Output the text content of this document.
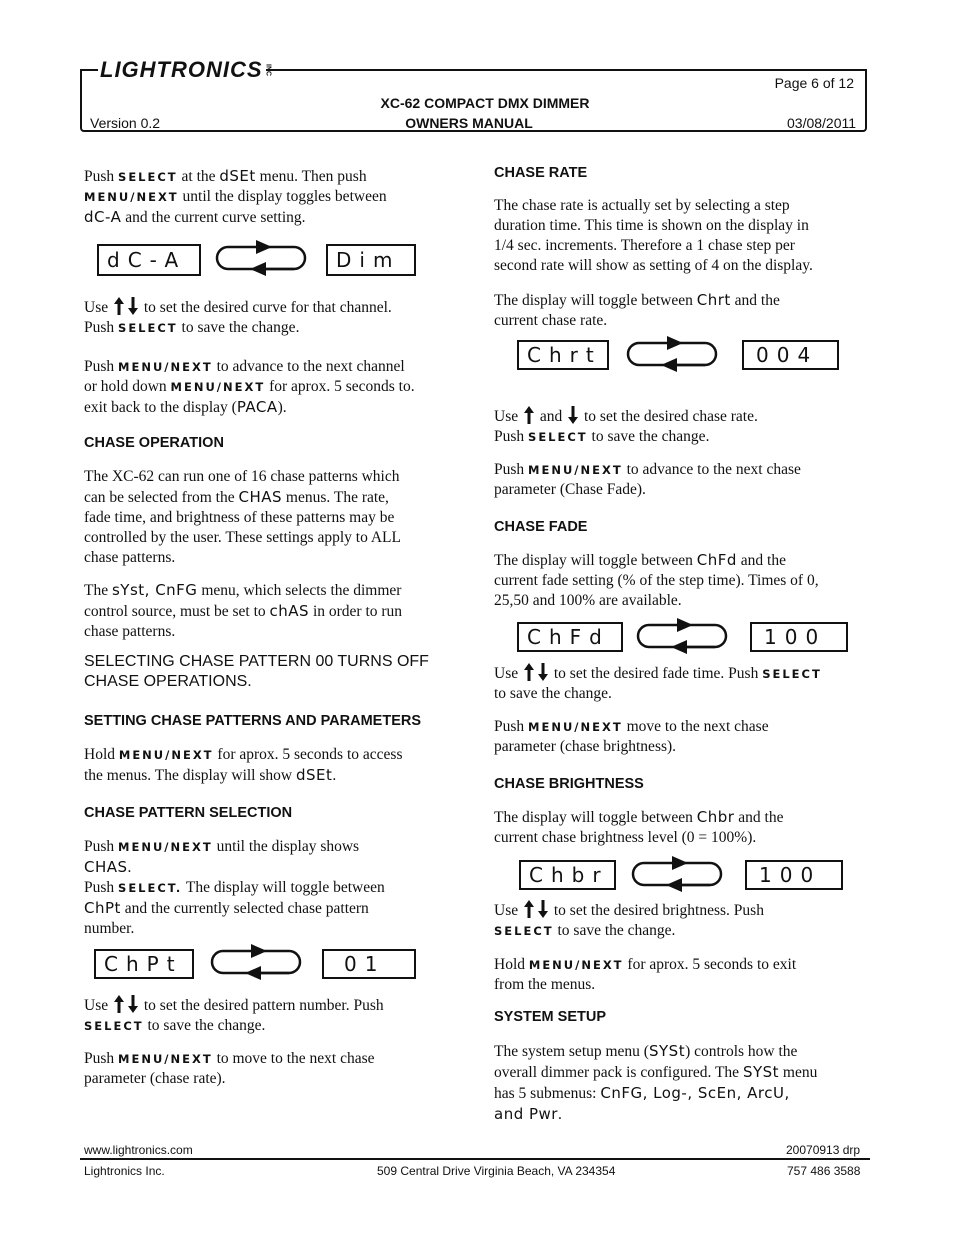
LIGHTRONICS INC
Page 6 of 12
XC-62 COMPACT DMX DIMMER
OWNERS MANUAL
Version 0.2	03/08/2011
Push SELECT at the dSEt menu. Then push
MENU/NEXT until the display toggles between
dC-A and the current curve setting.
dC-A	Dim
Use  to set the desired curve for that channel.
Push SELECT to save the change.
Push MENU/NEXT to advance to the next channel
or hold down MENU/NEXT for aprox. 5 seconds to.
exit back to the display (PACA).
CHASE OPERATION
The XC-62 can run one of 16 chase patterns which
can be selected from the CHAS menus. The rate,
fade time, and brightness of these patterns may be
controlled by the user. These settings apply to ALL
chase patterns.
The sYst, CnFG menu, which selects the dimmer
control source, must be set to chAS in order to run
chase patterns.
SELECTING CHASE PATTERN 00 TURNS OFF
CHASE OPERATIONS.
SETTING CHASE PATTERNS AND PARAMETERS
Hold MENU/NEXT for aprox. 5 seconds to access
the menus. The display will show dSEt.
CHASE PATTERN SELECTION
Push MENU/NEXT until the display shows
CHAS.
Push SELECT. The display will toggle between
ChPt and the currently selected chase pattern
number.
ChPt	01
Use  to set the desired pattern number. Push
SELECT to save the change.
Push MENU/NEXT to move to the next chase
parameter (chase rate).
CHASE RATE
The chase rate is actually set by selecting a step
duration time. This time is shown on the display in
1/4 sec. increments. Therefore a 1 chase step per
second rate will show as setting of 4 on the display.
The display will toggle between Chrt and the
current chase rate.
Chrt	004
Use  and  to set the desired chase rate.
Push SELECT to save the change.
Push MENU/NEXT to advance to the next chase
parameter (Chase Fade).
CHASE FADE
The display will toggle between ChFd and the
current fade setting (% of the step time). Times of 0,
25,50 and 100% are available.
ChFd	100
Use  to set the desired fade time. Push SELECT
to save the change.
Push MENU/NEXT move to the next chase
parameter (chase brightness).
CHASE BRIGHTNESS
The display will toggle between Chbr and the
current chase brightness level (0 = 100%).
Chbr	100
Use  to set the desired brightness. Push
SELECT to save the change.
Hold MENU/NEXT for aprox. 5 seconds to exit
from the menus.
SYSTEM SETUP
The system setup menu (SYSt) controls how the
overall dimmer pack is configured. The SYSt menu
has 5 submenus: CnFG, Log-, ScEn, ArcU,
and Pwr.
www.lightronics.com	20070913 drp
Lightronics Inc.	509 Central Drive Virginia Beach, VA 234354	757 486 3588
